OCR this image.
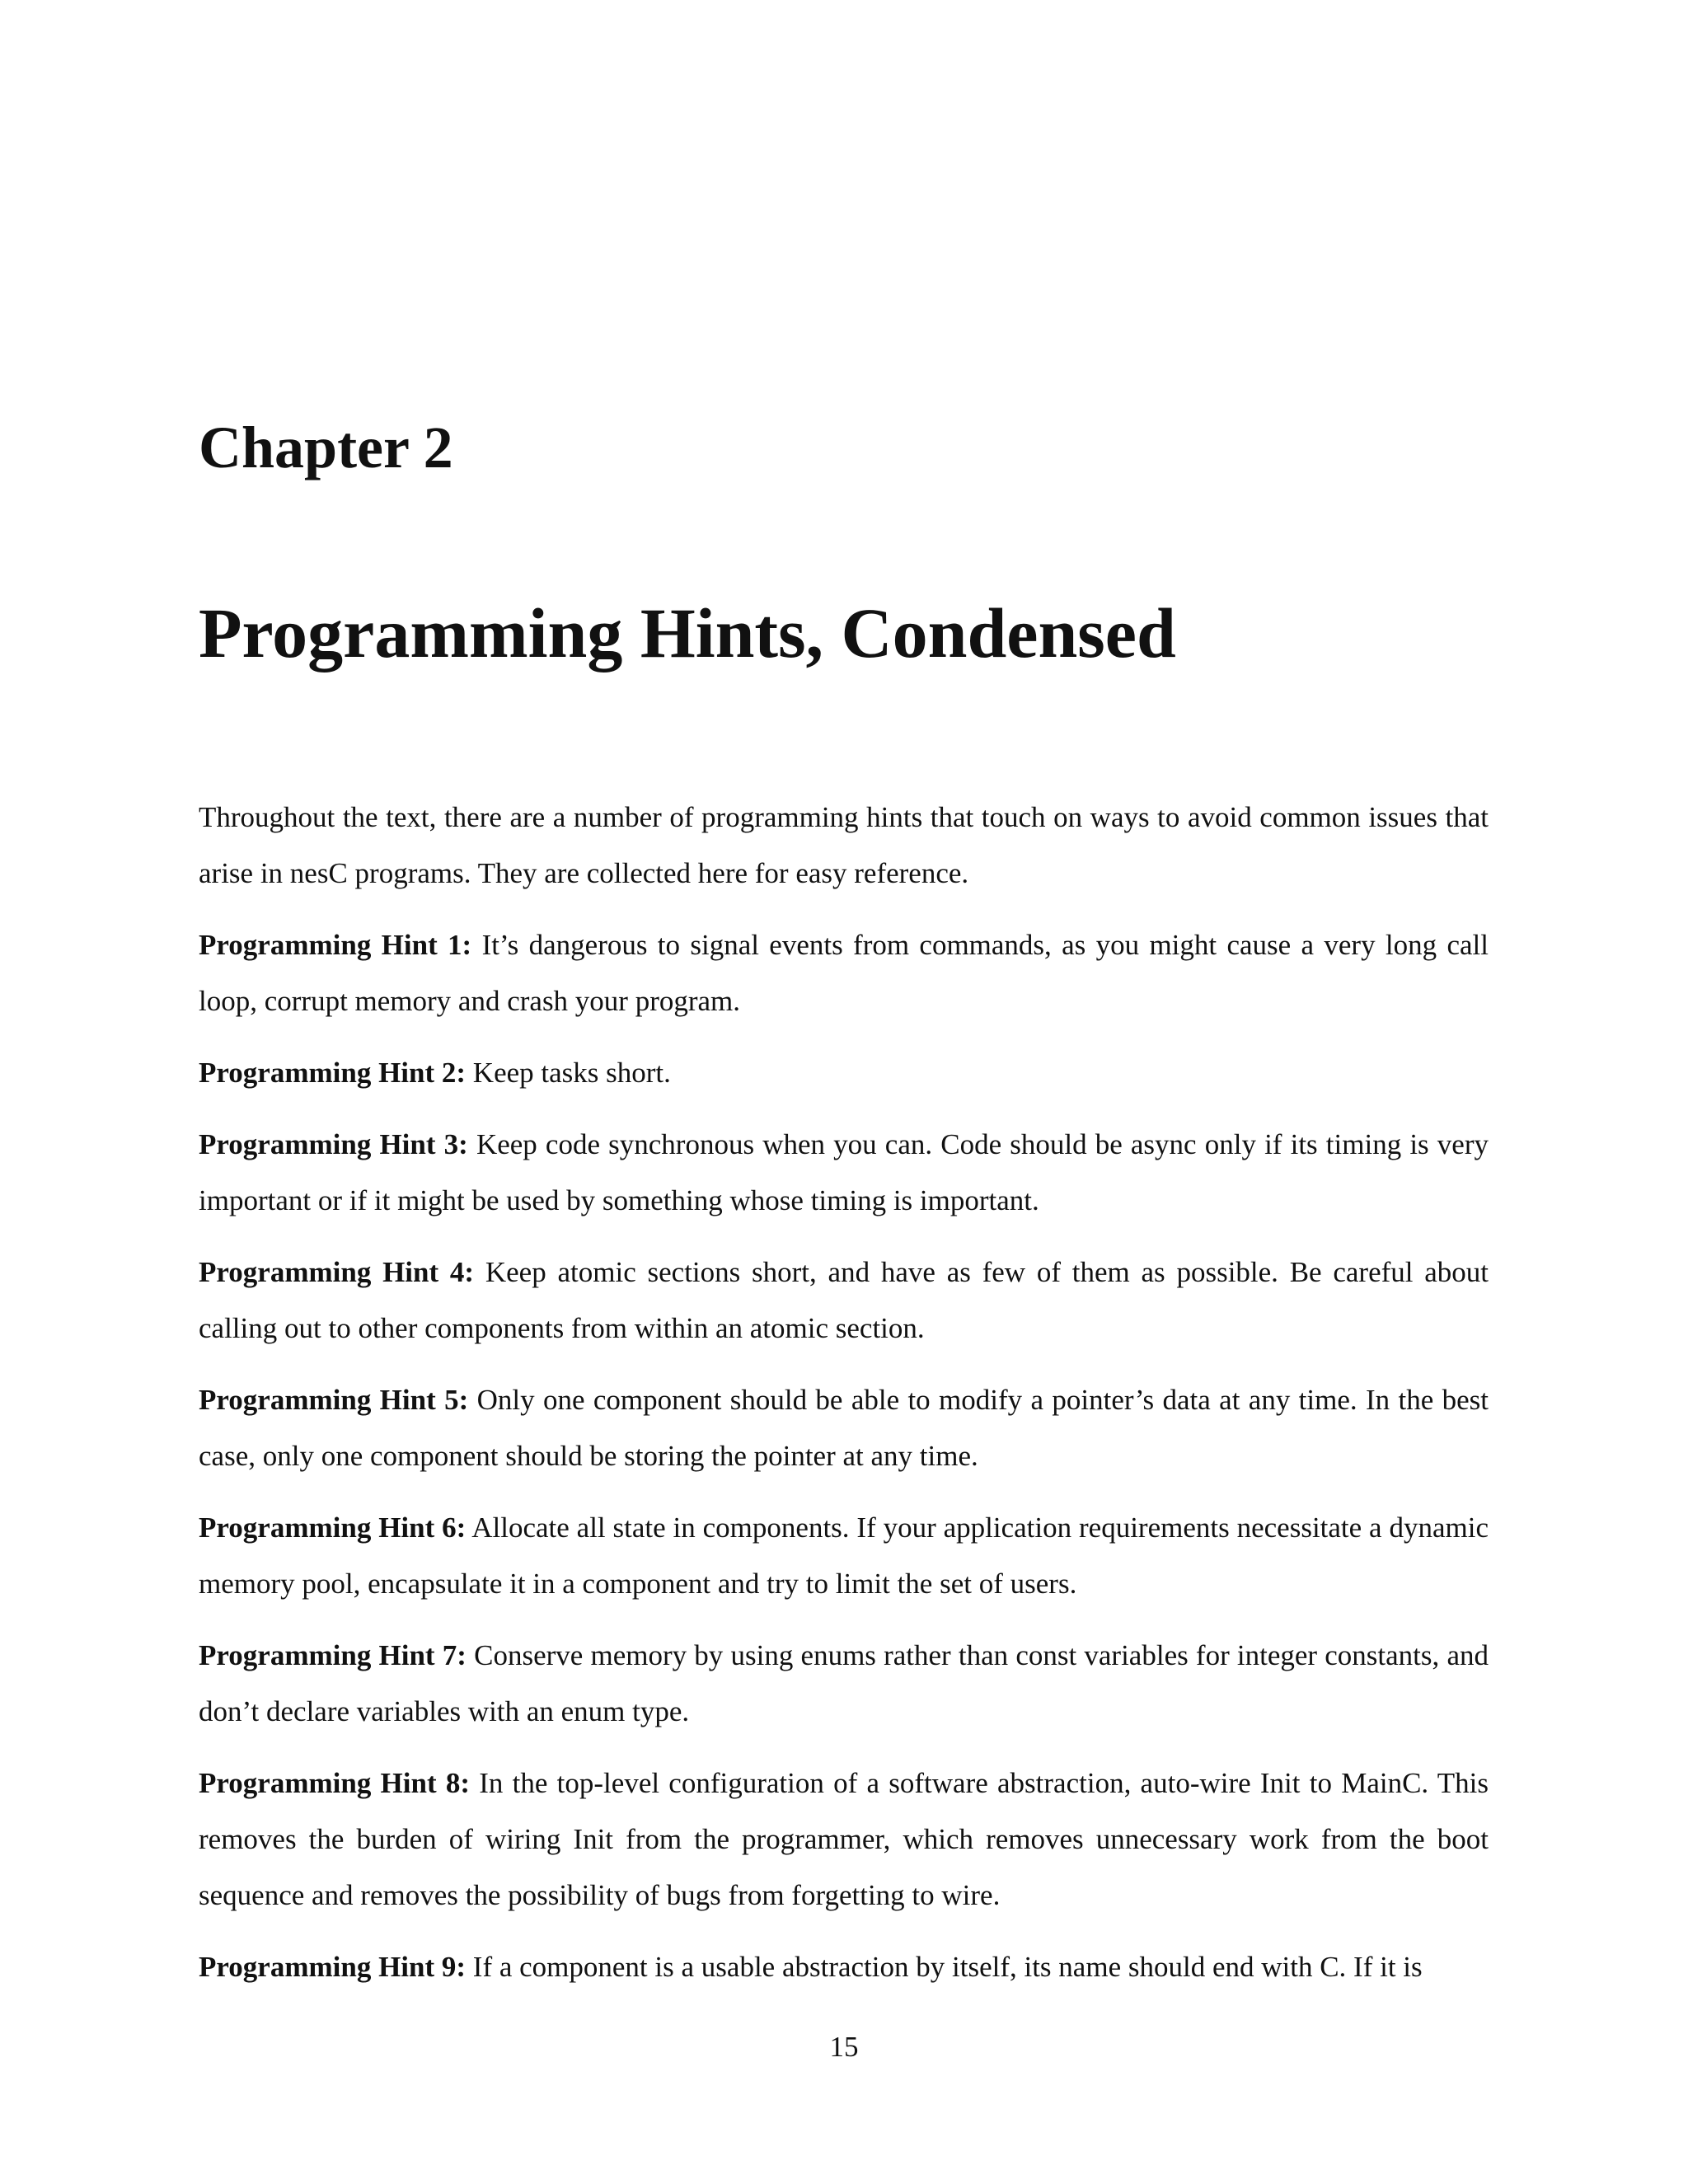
Chapter 2
Programming Hints, Condensed

Throughout the text, there are a number of programming hints that touch on ways to avoid common issues that arise in nesC programs. They are collected here for easy reference.

Programming Hint 1: It’s dangerous to signal events from commands, as you might cause a very long call loop, corrupt memory and crash your program.

Programming Hint 2: Keep tasks short.

Programming Hint 3: Keep code synchronous when you can. Code should be async only if its timing is very important or if it might be used by something whose timing is important.

Programming Hint 4: Keep atomic sections short, and have as few of them as possible. Be careful about calling out to other components from within an atomic section.

Programming Hint 5: Only one component should be able to modify a pointer’s data at any time. In the best case, only one component should be storing the pointer at any time.

Programming Hint 6: Allocate all state in components. If your application requirements necessitate a dynamic memory pool, encapsulate it in a component and try to limit the set of users.

Programming Hint 7: Conserve memory by using enums rather than const variables for integer constants, and don’t declare variables with an enum type.

Programming Hint 8: In the top-level configuration of a software abstraction, auto-wire Init to MainC. This removes the burden of wiring Init from the programmer, which removes unnecessary work from the boot sequence and removes the possibility of bugs from forgetting to wire.

Programming Hint 9: If a component is a usable abstraction by itself, its name should end with C. If it is

15
